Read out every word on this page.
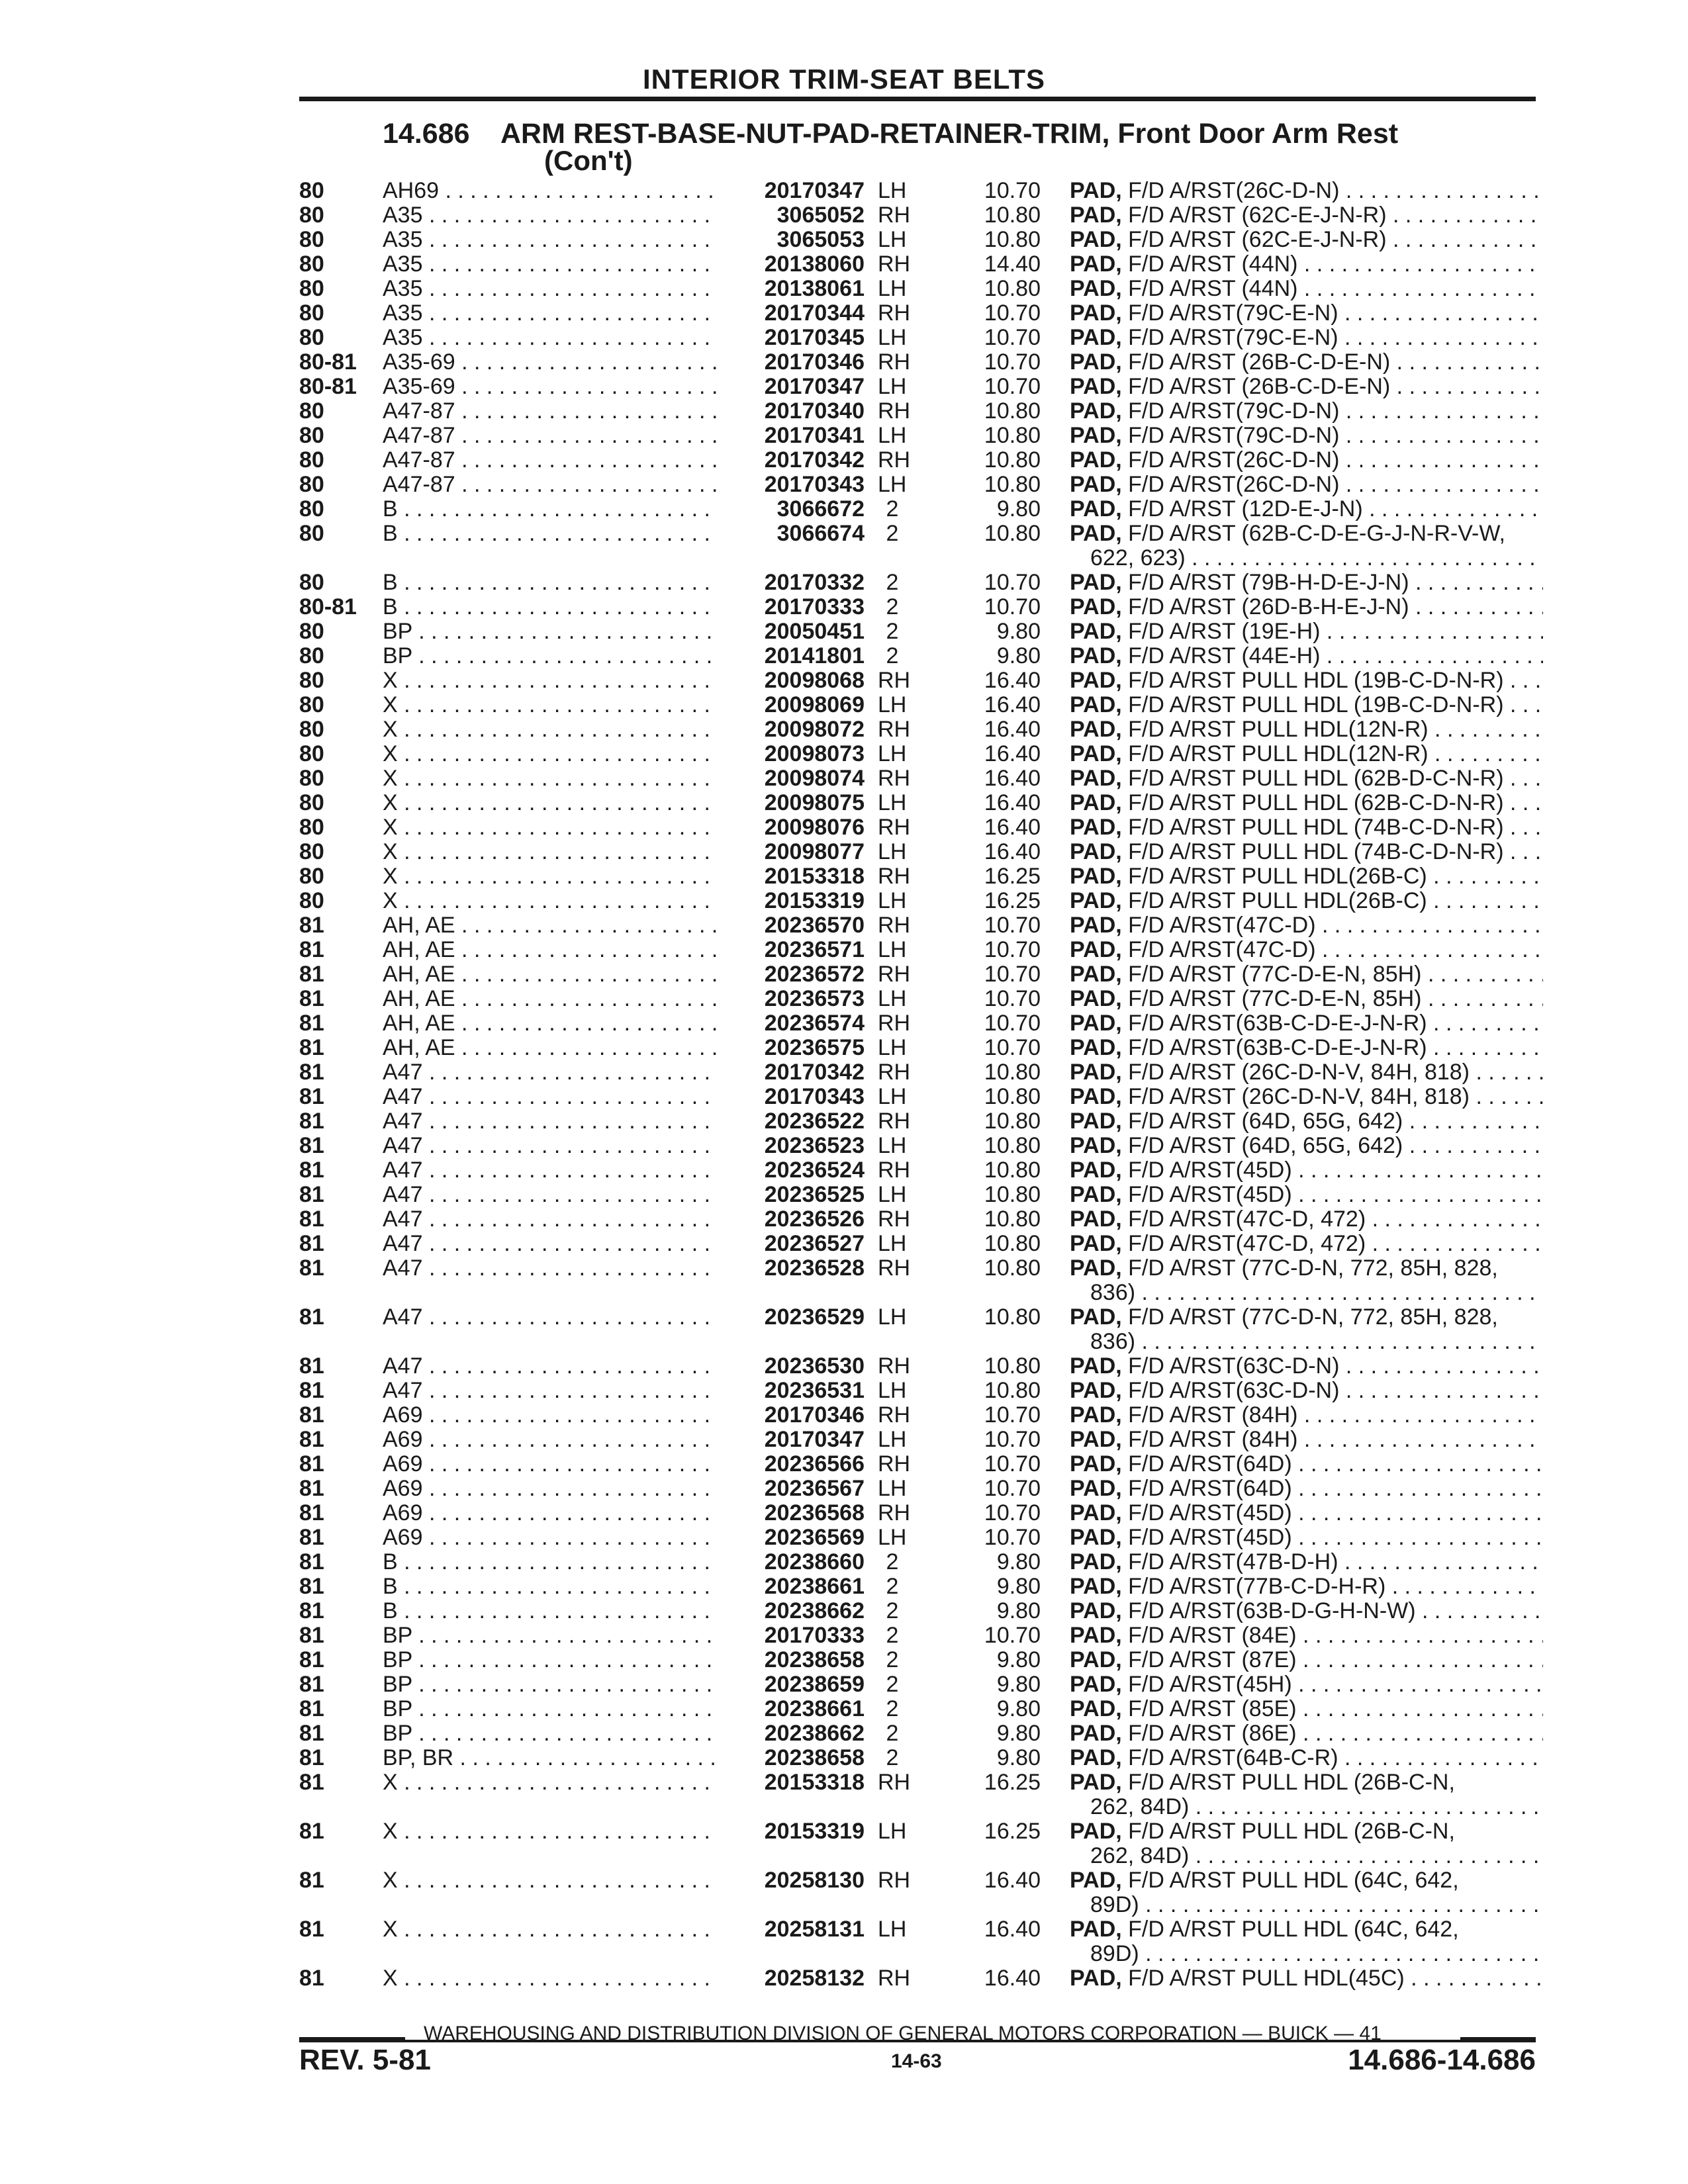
INTERIOR TRIM-SEAT BELTS
14.686 ARM REST-BASE-NUT-PAD-RETAINER-TRIM, Front Door Arm Rest
(Con't)
80	AH69 . . .	20170347 LH	10.70 PAD, F/D A/RST(26C-D-N) . . .
80	A35 . . .	3065052 RH	10.80 PAD, F/D A/RST (62C-E-J-N-R) . . .
80	A35 . . .	3065053 LH	10.80 PAD, F/D A/RST (62C-E-J-N-R) . . .
80	A35 . . .	20138060 RH	14.40 PAD, F/D A/RST (44N) . . .
80	A35 . . .	20138061 LH	10.80 PAD, F/D A/RST (44N) . . .
80	A35 . . .	20170344 RH	10.70 PAD, F/D A/RST(79C-E-N) . . .
80	A35 . . .	20170345 LH	10.70 PAD, F/D A/RST(79C-E-N) . . .
80-81	A35-69 . . .	20170346 RH	10.70 PAD, F/D A/RST (26B-C-D-E-N) . . .
80-81	A35-69 . . .	20170347 LH	10.70 PAD, F/D A/RST (26B-C-D-E-N) . . .
80	A47-87 . . .	20170340 RH	10.80 PAD, F/D A/RST(79C-D-N) . . .
80	A47-87 . . .	20170341 LH	10.80 PAD, F/D A/RST(79C-D-N) . . .
80	A47-87 . . .	20170342 RH	10.80 PAD, F/D A/RST(26C-D-N) . . .
80	A47-87 . . .	20170343 LH	10.80 PAD, F/D A/RST(26C-D-N) . . .
80	B . . .	3066672 2	9.80 PAD, F/D A/RST (12D-E-J-N) . . .
80	B . . .	3066674 2	10.80 PAD, F/D A/RST (62B-C-D-E-G-J-N-R-V-W,
622, 623) . . .
80	B . . .	20170332 2	10.70 PAD, F/D A/RST (79B-H-D-E-J-N) . . .
80-81	B . . .	20170333 2	10.70 PAD, F/D A/RST (26D-B-H-E-J-N) . . .
80	BP . . .	20050451 2	9.80 PAD, F/D A/RST (19E-H) . . .
80	BP . . .	20141801 2	9.80 PAD, F/D A/RST (44E-H) . . .
80	X . . .	20098068 RH	16.40 PAD, F/D A/RST PULL HDL (19B-C-D-N-R) . . .
80	X . . .	20098069 LH	16.40 PAD, F/D A/RST PULL HDL (19B-C-D-N-R) . . .
80	X . . .	20098072 RH	16.40 PAD, F/D A/RST PULL HDL(12N-R) . . .
80	X . . .	20098073 LH	16.40 PAD, F/D A/RST PULL HDL(12N-R) . . .
80	X . . .	20098074 RH	16.40 PAD, F/D A/RST PULL HDL (62B-D-C-N-R) . . .
80	X . . .	20098075 LH	16.40 PAD, F/D A/RST PULL HDL (62B-C-D-N-R) . . .
80	X . . .	20098076 RH	16.40 PAD, F/D A/RST PULL HDL (74B-C-D-N-R) . . .
80	X . . .	20098077 LH	16.40 PAD, F/D A/RST PULL HDL (74B-C-D-N-R) . . .
80	X . . .	20153318 RH	16.25 PAD, F/D A/RST PULL HDL(26B-C) . . .
80	X . . .	20153319 LH	16.25 PAD, F/D A/RST PULL HDL(26B-C) . . .
81	AH, AE . . .	20236570 RH	10.70 PAD, F/D A/RST(47C-D) . . .
81	AH, AE . . .	20236571 LH	10.70 PAD, F/D A/RST(47C-D) . . .
81	AH, AE . . .	20236572 RH	10.70 PAD, F/D A/RST (77C-D-E-N, 85H) . . .
81	AH, AE . . .	20236573 LH	10.70 PAD, F/D A/RST (77C-D-E-N, 85H) . . .
81	AH, AE . . .	20236574 RH	10.70 PAD, F/D A/RST(63B-C-D-E-J-N-R) . . .
81	AH, AE . . .	20236575 LH	10.70 PAD, F/D A/RST(63B-C-D-E-J-N-R) . . .
81	A47 . . .	20170342 RH	10.80 PAD, F/D A/RST (26C-D-N-V, 84H, 818) . . .
81	A47 . . .	20170343 LH	10.80 PAD, F/D A/RST (26C-D-N-V, 84H, 818) . . .
81	A47 . . .	20236522 RH	10.80 PAD, F/D A/RST (64D, 65G, 642) . . .
81	A47 . . .	20236523 LH	10.80 PAD, F/D A/RST (64D, 65G, 642) . . .
81	A47 . . .	20236524 RH	10.80 PAD, F/D A/RST(45D) . . .
81	A47 . . .	20236525 LH	10.80 PAD, F/D A/RST(45D) . . .
81	A47 . . .	20236526 RH	10.80 PAD, F/D A/RST(47C-D, 472) . . .
81	A47 . . .	20236527 LH	10.80 PAD, F/D A/RST(47C-D, 472) . . .
81	A47 . . .	20236528 RH	10.80 PAD, F/D A/RST (77C-D-N, 772, 85H, 828,
836) . . .
81	A47 . . .	20236529 LH	10.80 PAD, F/D A/RST (77C-D-N, 772, 85H, 828,
836) . . .
81	A47 . . .	20236530 RH	10.80 PAD, F/D A/RST(63C-D-N) . . .
81	A47 . . .	20236531 LH	10.80 PAD, F/D A/RST(63C-D-N) . . .
81	A69 . . .	20170346 RH	10.70 PAD, F/D A/RST (84H) . . .
81	A69 . . .	20170347 LH	10.70 PAD, F/D A/RST (84H) . . .
81	A69 . . .	20236566 RH	10.70 PAD, F/D A/RST(64D) . . .
81	A69 . . .	20236567 LH	10.70 PAD, F/D A/RST(64D) . . .
81	A69 . . .	20236568 RH	10.70 PAD, F/D A/RST(45D) . . .
81	A69 . . .	20236569 LH	10.70 PAD, F/D A/RST(45D) . . .
81	B . . .	20238660 2	9.80 PAD, F/D A/RST(47B-D-H) . . .
81	B . . .	20238661 2	9.80 PAD, F/D A/RST(77B-C-D-H-R) . . .
81	B . . .	20238662 2	9.80 PAD, F/D A/RST(63B-D-G-H-N-W) . . .
81	BP . . .	20170333 2	10.70 PAD, F/D A/RST (84E) . . .
81	BP . . .	20238658 2	9.80 PAD, F/D A/RST (87E) . . .
81	BP . . .	20238659 2	9.80 PAD, F/D A/RST(45H) . . .
81	BP . . .	20238661 2	9.80 PAD, F/D A/RST (85E) . . .
81	BP . . .	20238662 2	9.80 PAD, F/D A/RST (86E) . . .
81	BP, BR . . .	20238658 2	9.80 PAD, F/D A/RST(64B-C-R) . . .
81	X . . .	20153318 RH	16.25 PAD, F/D A/RST PULL HDL (26B-C-N,
262, 84D) . . .
81	X . . .	20153319 LH	16.25 PAD, F/D A/RST PULL HDL (26B-C-N,
262, 84D) . . .
81	X . . .	20258130 RH	16.40 PAD, F/D A/RST PULL HDL (64C, 642,
89D) . . .
81	X . . .	20258131 LH	16.40 PAD, F/D A/RST PULL HDL (64C, 642,
89D) . . .
81	X . . .	20258132 RH	16.40 PAD, F/D A/RST PULL HDL(45C) . . .
WAREHOUSING AND DISTRIBUTION DIVISION OF GENERAL MOTORS CORPORATION — BUICK — 41
REV. 5-81	14-63	14.686-14.686
